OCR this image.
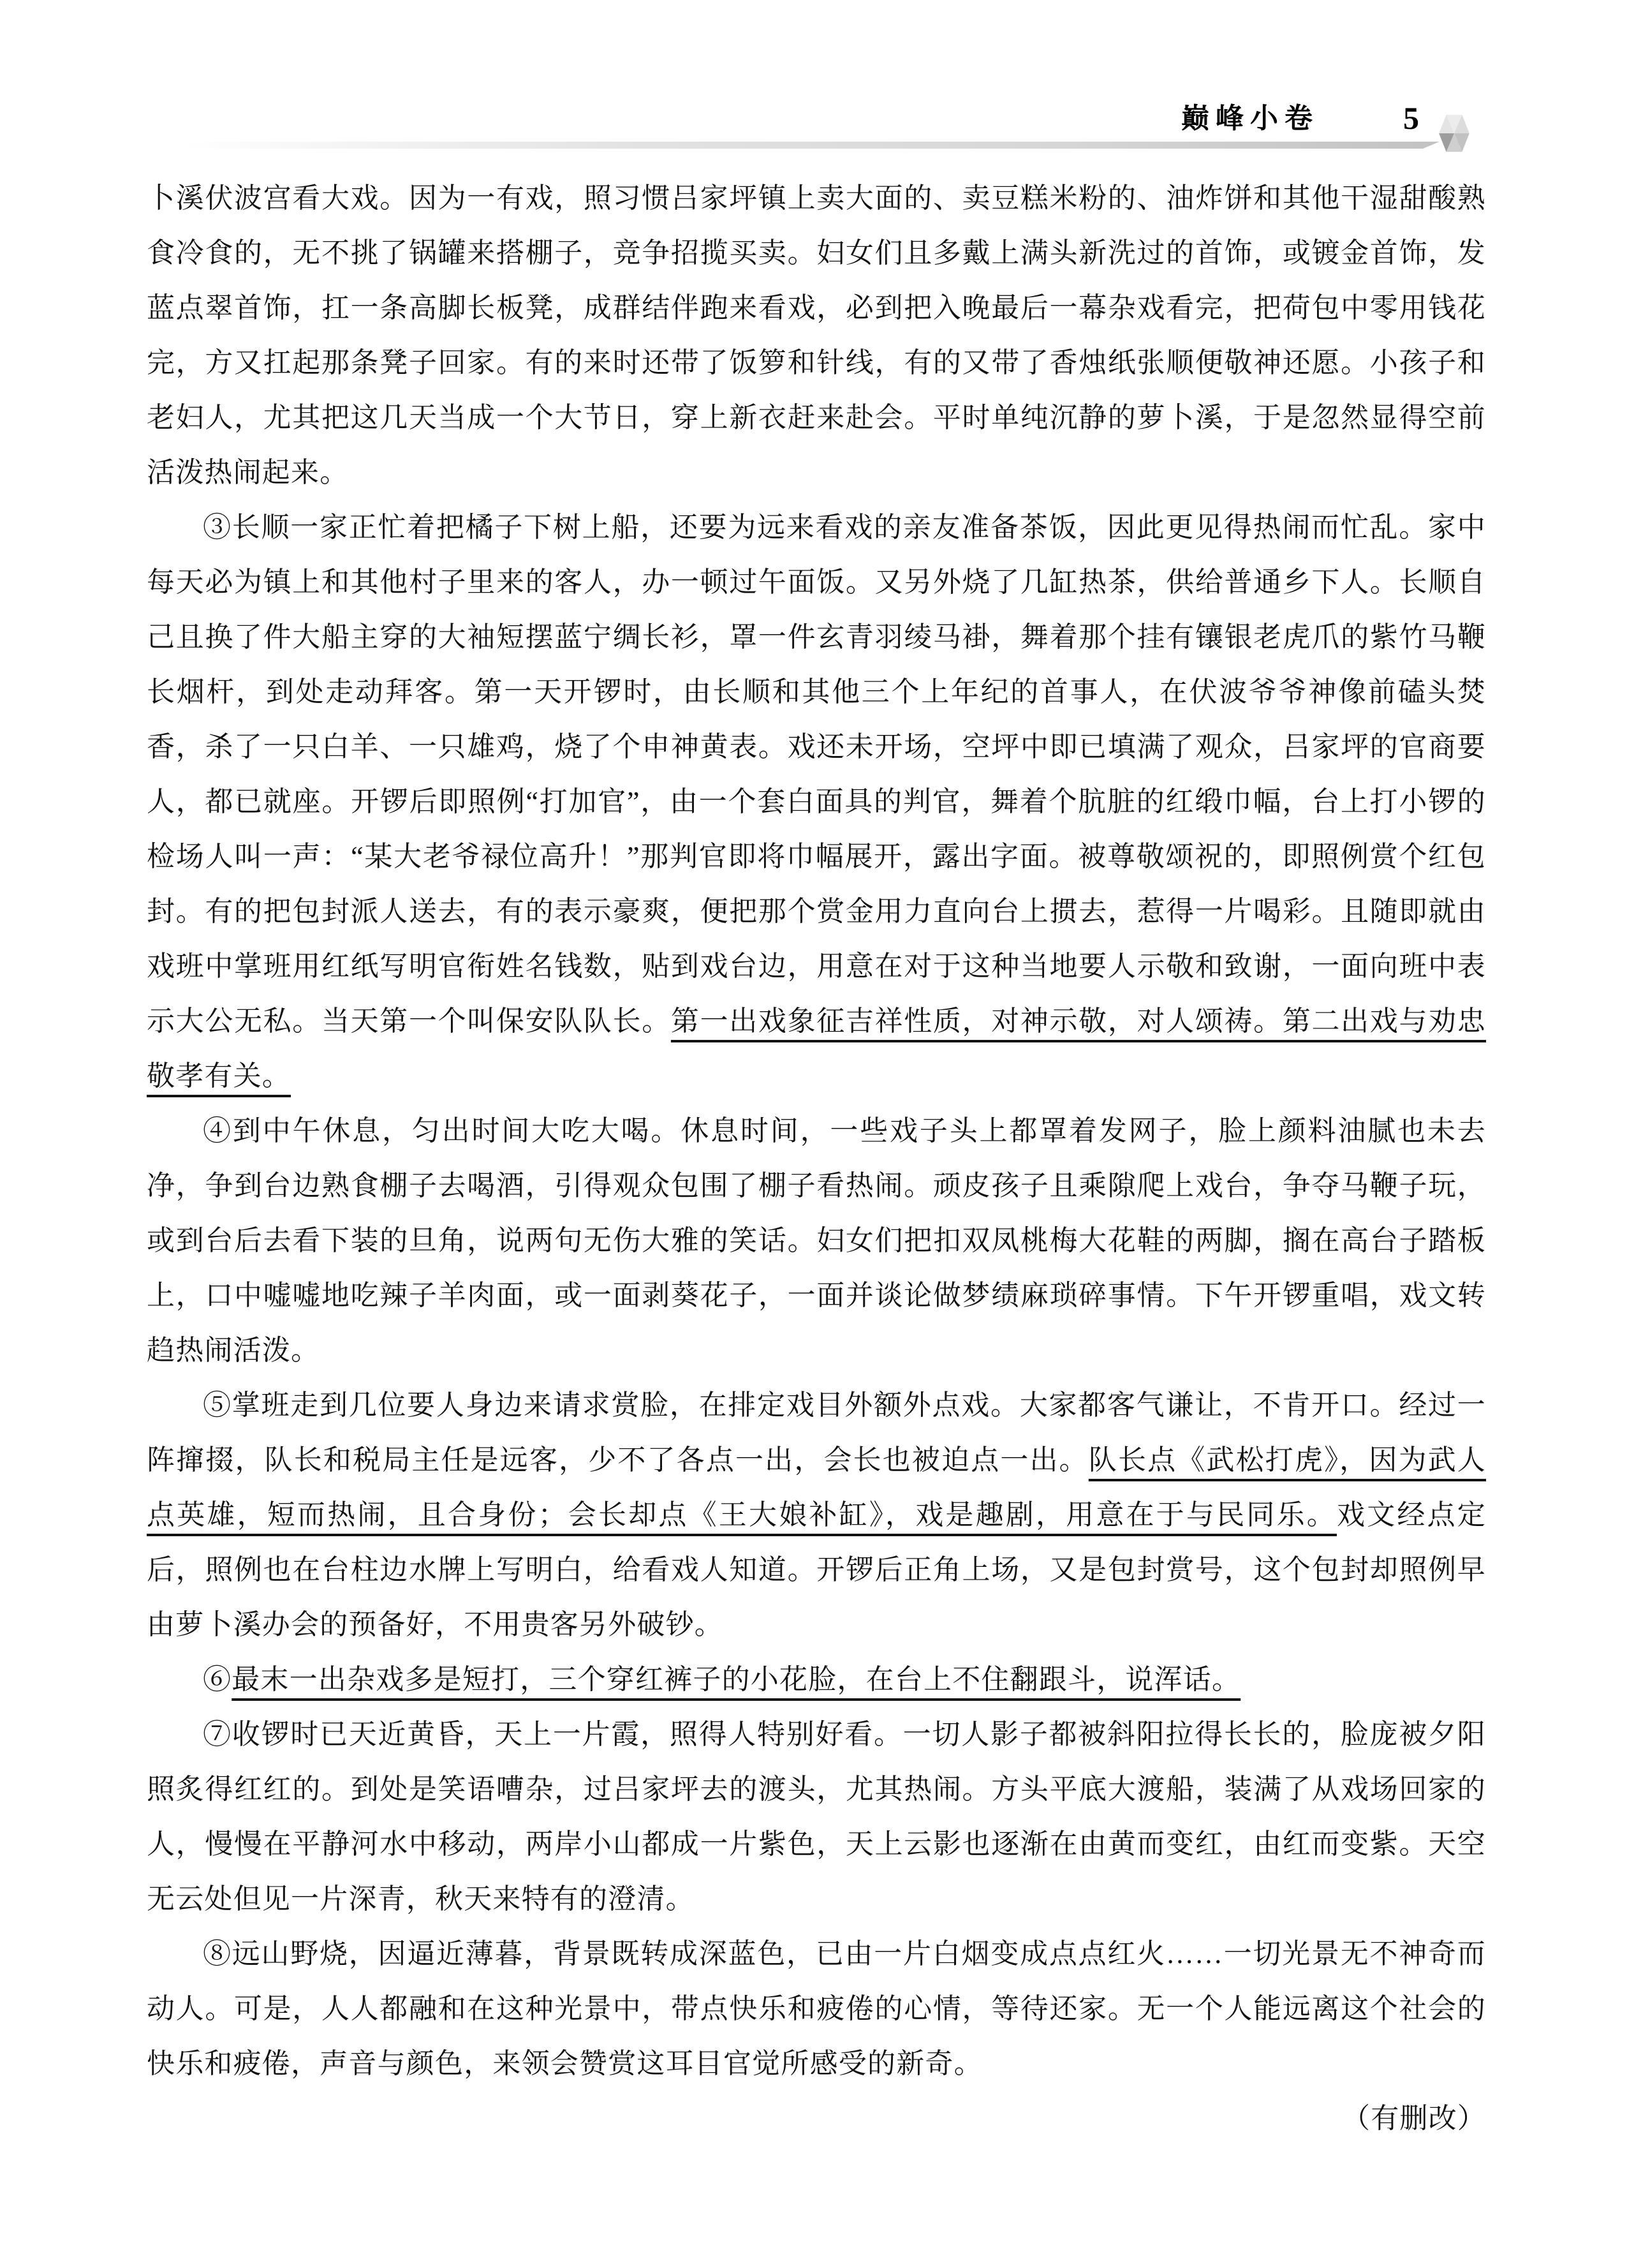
巅峰小卷	5

卜溪伏波宫看大戏。因为一有戏，照习惯吕家坪镇上卖大面的、卖豆糕米粉的、油炸饼和其他干湿甜酸熟食冷食的，无不挑了锅罐来搭棚子，竞争招揽买卖。妇女们且多戴上满头新洗过的首饰，或镀金首饰，发蓝点翠首饰，扛一条高脚长板凳，成群结伴跑来看戏，必到把入晚最后一幕杂戏看完，把荷包中零用钱花完，方又扛起那条凳子回家。有的来时还带了饭箩和针线，有的又带了香烛纸张顺便敬神还愿。小孩子和老妇人，尤其把这几天当成一个大节日，穿上新衣赶来赴会。平时单纯沉静的萝卜溪，于是忽然显得空前活泼热闹起来。

③长顺一家正忙着把橘子下树上船，还要为远来看戏的亲友准备茶饭，因此更见得热闹而忙乱。家中每天必为镇上和其他村子里来的客人，办一顿过午面饭。又另外烧了几缸热茶，供给普通乡下人。长顺自己且换了件大船主穿的大袖短摆蓝宁绸长衫，罩一件玄青羽绫马褂，舞着那个挂有镶银老虎爪的紫竹马鞭长烟杆，到处走动拜客。第一天开锣时，由长顺和其他三个上年纪的首事人，在伏波爷爷神像前磕头焚香，杀了一只白羊、一只雄鸡，烧了个申神黄表。戏还未开场，空坪中即已填满了观众，吕家坪的官商要人，都已就座。开锣后即照例“打加官”，由一个套白面具的判官，舞着个肮脏的红缎巾幅，台上打小锣的检场人叫一声：“某大老爷禄位高升！”那判官即将巾幅展开，露出字面。被尊敬颂祝的，即照例赏个红包封。有的把包封派人送去，有的表示豪爽，便把那个赏金用力直向台上掼去，惹得一片喝彩。且随即就由戏班中掌班用红纸写明官衔姓名钱数，贴到戏台边，用意在对于这种当地要人示敬和致谢，一面向班中表示大公无私。当天第一个叫保安队队长。第一出戏象征吉祥性质，对神示敬，对人颂祷。第二出戏与劝忠敬孝有关。

④到中午休息，匀出时间大吃大喝。休息时间，一些戏子头上都罩着发网子，脸上颜料油腻也未去净，争到台边熟食棚子去喝酒，引得观众包围了棚子看热闹。顽皮孩子且乘隙爬上戏台，争夺马鞭子玩，或到台后去看下装的旦角，说两句无伤大雅的笑话。妇女们把扣双凤桃梅大花鞋的两脚，搁在高台子踏板上，口中嘘嘘地吃辣子羊肉面，或一面剥葵花子，一面并谈论做梦绩麻琐碎事情。下午开锣重唱，戏文转趋热闹活泼。

⑤掌班走到几位要人身边来请求赏脸，在排定戏目外额外点戏。大家都客气谦让，不肯开口。经过一阵撺掇，队长和税局主任是远客，少不了各点一出，会长也被迫点一出。队长点《武松打虎》，因为武人点英雄，短而热闹，且合身份；会长却点《王大娘补缸》，戏是趣剧，用意在于与民同乐。戏文经点定后，照例也在台柱边水牌上写明白，给看戏人知道。开锣后正角上场，又是包封赏号，这个包封却照例早由萝卜溪办会的预备好，不用贵客另外破钞。

⑥最末一出杂戏多是短打，三个穿红裤子的小花脸，在台上不住翻跟斗，说浑话。

⑦收锣时已天近黄昏，天上一片霞，照得人特别好看。一切人影子都被斜阳拉得长长的，脸庞被夕阳照炙得红红的。到处是笑语嘈杂，过吕家坪去的渡头，尤其热闹。方头平底大渡船，装满了从戏场回家的人，慢慢在平静河水中移动，两岸小山都成一片紫色，天上云影也逐渐在由黄而变红，由红而变紫。天空无云处但见一片深青，秋天来特有的澄清。

⑧远山野烧，因逼近薄暮，背景既转成深蓝色，已由一片白烟变成点点红火……一切光景无不神奇而动人。可是，人人都融和在这种光景中，带点快乐和疲倦的心情，等待还家。无一个人能远离这个社会的快乐和疲倦，声音与颜色，来领会赞赏这耳目官觉所感受的新奇。

（有删改）
